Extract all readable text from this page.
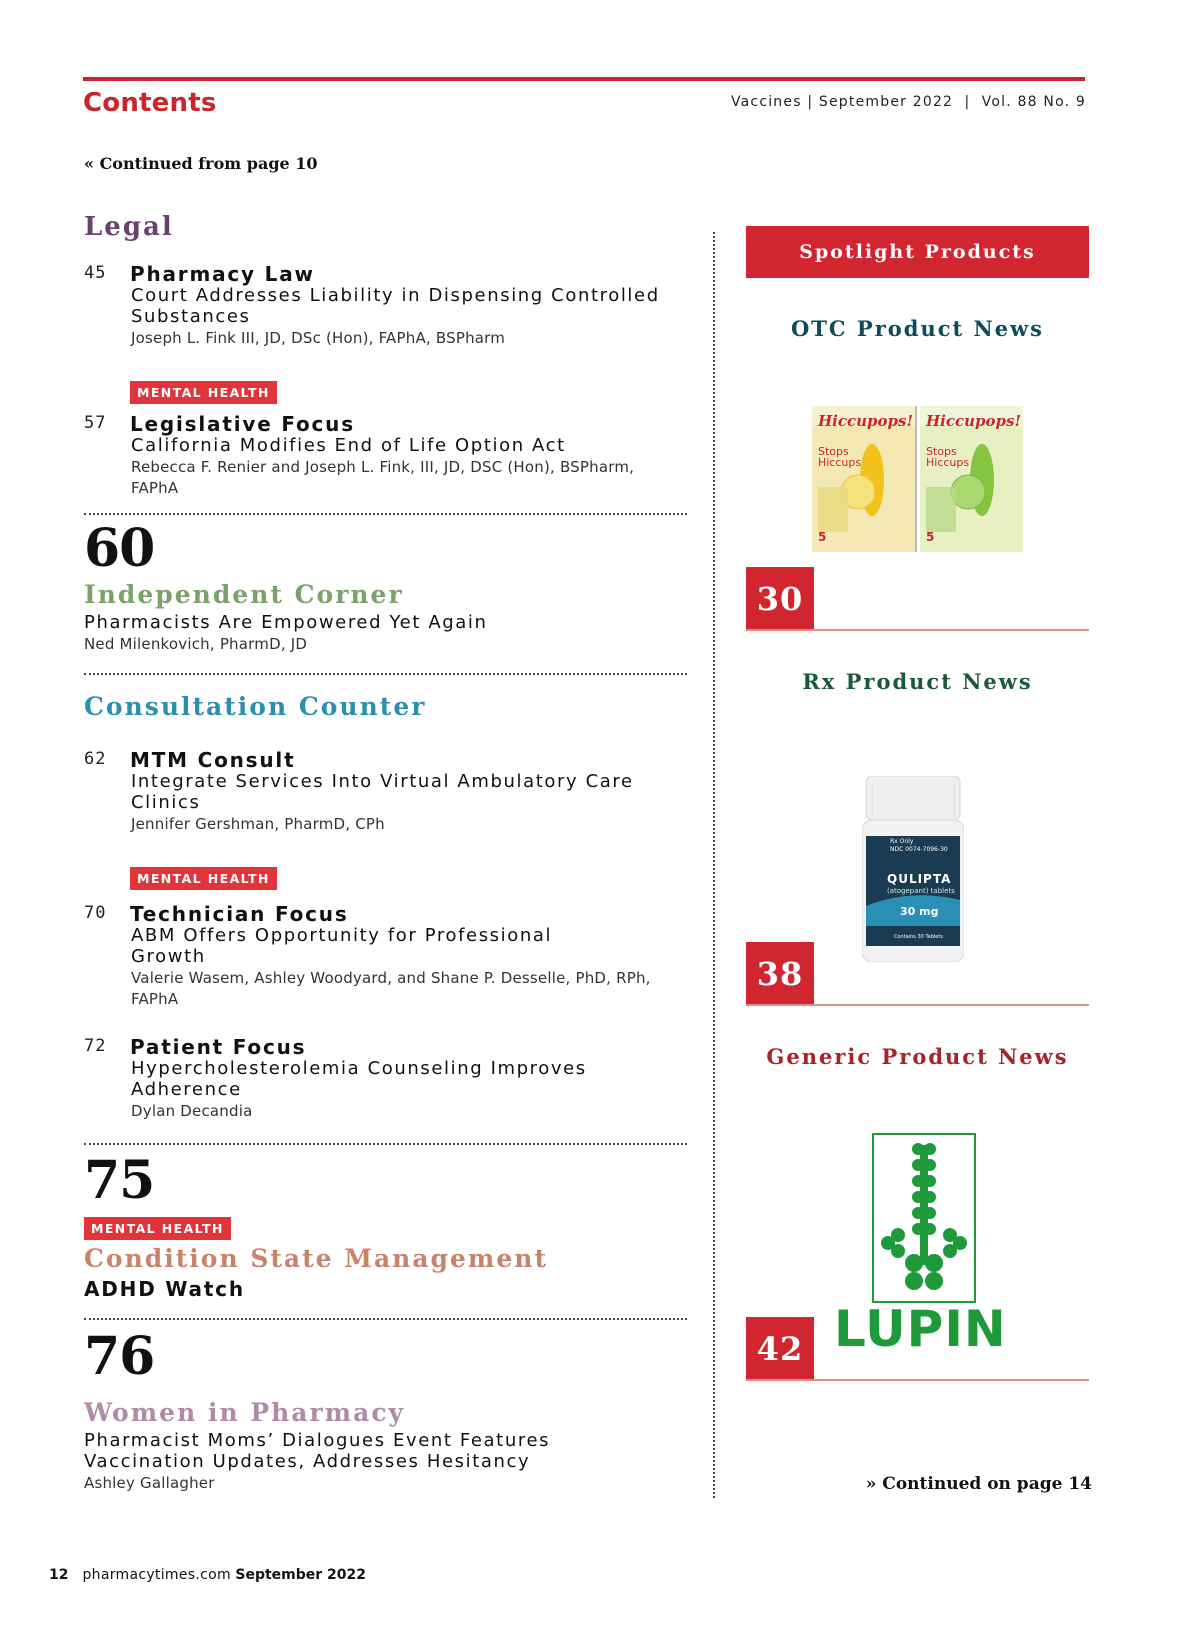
Contents	Vaccines | September 2022  |  Vol. 88 No. 9
« Continued from page 10
Legal
45 Pharmacy Law
Court Addresses Liability in Dispensing Controlled Substances
Joseph L. Fink III, JD, DSc (Hon), FAPhA, BSPharm
MENTAL HEALTH
57 Legislative Focus
California Modifies End of Life Option Act
Rebecca F. Renier and Joseph L. Fink, III, JD, DSC (Hon), BSPharm, FAPhA
60
Independent Corner
Pharmacists Are Empowered Yet Again
Ned Milenkovich, PharmD, JD
Consultation Counter
62 MTM Consult
Integrate Services Into Virtual Ambulatory Care Clinics
Jennifer Gershman, PharmD, CPh
MENTAL HEALTH
70 Technician Focus
ABM Offers Opportunity for Professional Growth
Valerie Wasem, Ashley Woodyard, and Shane P. Desselle, PhD, RPh, FAPhA
72 Patient Focus
Hypercholesterolemia Counseling Improves Adherence
Dylan Decandia
75
MENTAL HEALTH
Condition State Management
ADHD Watch
76
Women in Pharmacy
Pharmacist Moms’ Dialogues Event Features Vaccination Updates, Addresses Hesitancy
Ashley Gallagher
Spotlight Products
OTC Product News
Hiccupops! Hiccupops!
Stops
Hiccups
Stops
Hiccups
5	5
30
Rx Product News
Rx Only
NDC 0074-7096-30
QULIPTA
(atogepant) tablets
30 mg
Contains 30 Tablets
38
Generic Product News
LUPIN
42
» Continued on page 14
12 pharmacytimes.com September 2022
